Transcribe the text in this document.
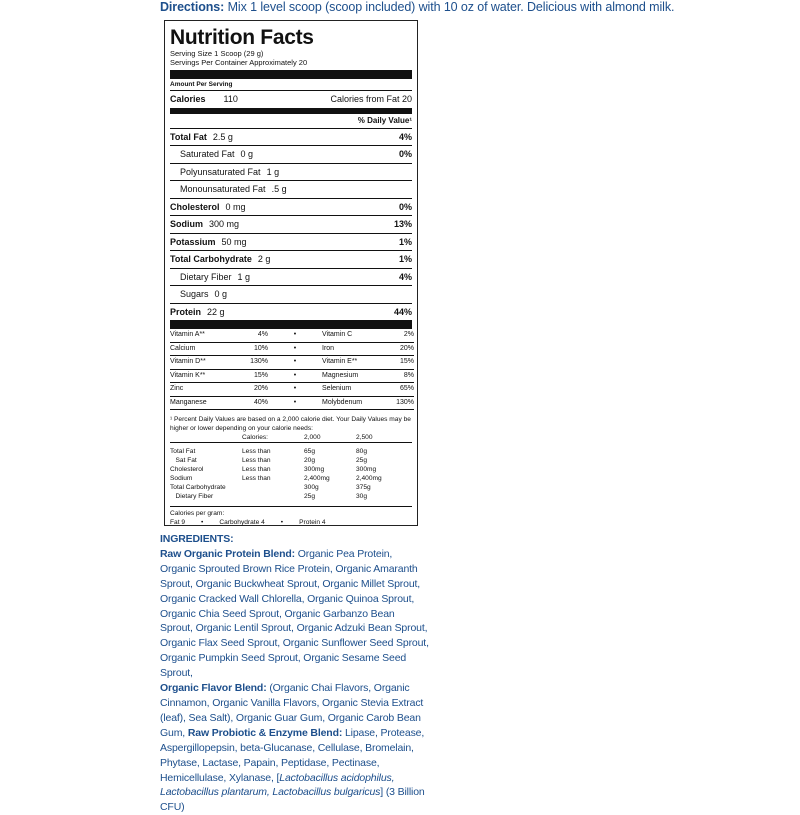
Directions: Mix 1 level scoop (scoop included) with 10 oz of water. Delicious with almond milk.
Nutrition Facts
Serving Size 1 Scoop (29 g)
Servings Per Container Approximately 20
Amount Per Serving
Calories 110	Calories from Fat 20
% Daily Value¹
Total Fat 2.5 g	4%
Saturated Fat 0 g	0%
Polyunsaturated Fat 1 g
Monounsaturated Fat .5 g
Cholesterol 0 mg	0%
Sodium 300 mg	13%
Potassium 50 mg	1%
Total Carbohydrate 2 g	1%
Dietary Fiber 1 g	4%
Sugars 0 g
Protein 22 g	44%
Vitamin A**	4%	•	Vitamin C	2%
Calcium	10%	•	Iron	20%
Vitamin D**	130%	•	Vitamin E**	15%
Vitamin K**	15%	•	Magnesium	8%
Zinc	20%	•	Selenium	65%
Manganese	40%	•	Molybdenum	130%
¹ Percent Daily Values are based on a 2,000 calorie diet. Your Daily Values may be higher or lower depending on your calorie needs:
Calories:	2,000	2,500
Total Fat	Less than	65g	80g
Sat Fat	Less than	20g	25g
Cholesterol	Less than	300mg	300mg
Sodium	Less than	2,400mg	2,400mg
Total Carbohydrate	300g	375g
Dietary Fiber	25g	30g
Calories per gram:
Fat 9 • Carbohydrate 4 • Protein 4
INGREDIENTS:
Raw Organic Protein Blend: Organic Pea Protein, Organic Sprouted Brown Rice Protein, Organic Amaranth Sprout, Organic Buckwheat Sprout, Organic Millet Sprout, Organic Cracked Wall Chlorella, Organic Quinoa Sprout, Organic Chia Seed Sprout, Organic Garbanzo Bean Sprout, Organic Lentil Sprout, Organic Adzuki Bean Sprout, Organic Flax Seed Sprout, Organic Sunflower Seed Sprout, Organic Pumpkin Seed Sprout, Organic Sesame Seed Sprout,
Organic Flavor Blend: (Organic Chai Flavors, Organic Cinnamon, Organic Vanilla Flavors, Organic Stevia Extract (leaf), Sea Salt), Organic Guar Gum, Organic Carob Bean Gum, Raw Probiotic & Enzyme Blend: Lipase, Protease, Aspergillopepsin, beta-Glucanase, Cellulase, Bromelain, Phytase, Lactase, Papain, Peptidase, Pectinase, Hemicellulase, Xylanase, [Lactobacillus acidophilus, Lactobacillus plantarum, Lactobacillus bulgaricus] (3 Billion CFU)
